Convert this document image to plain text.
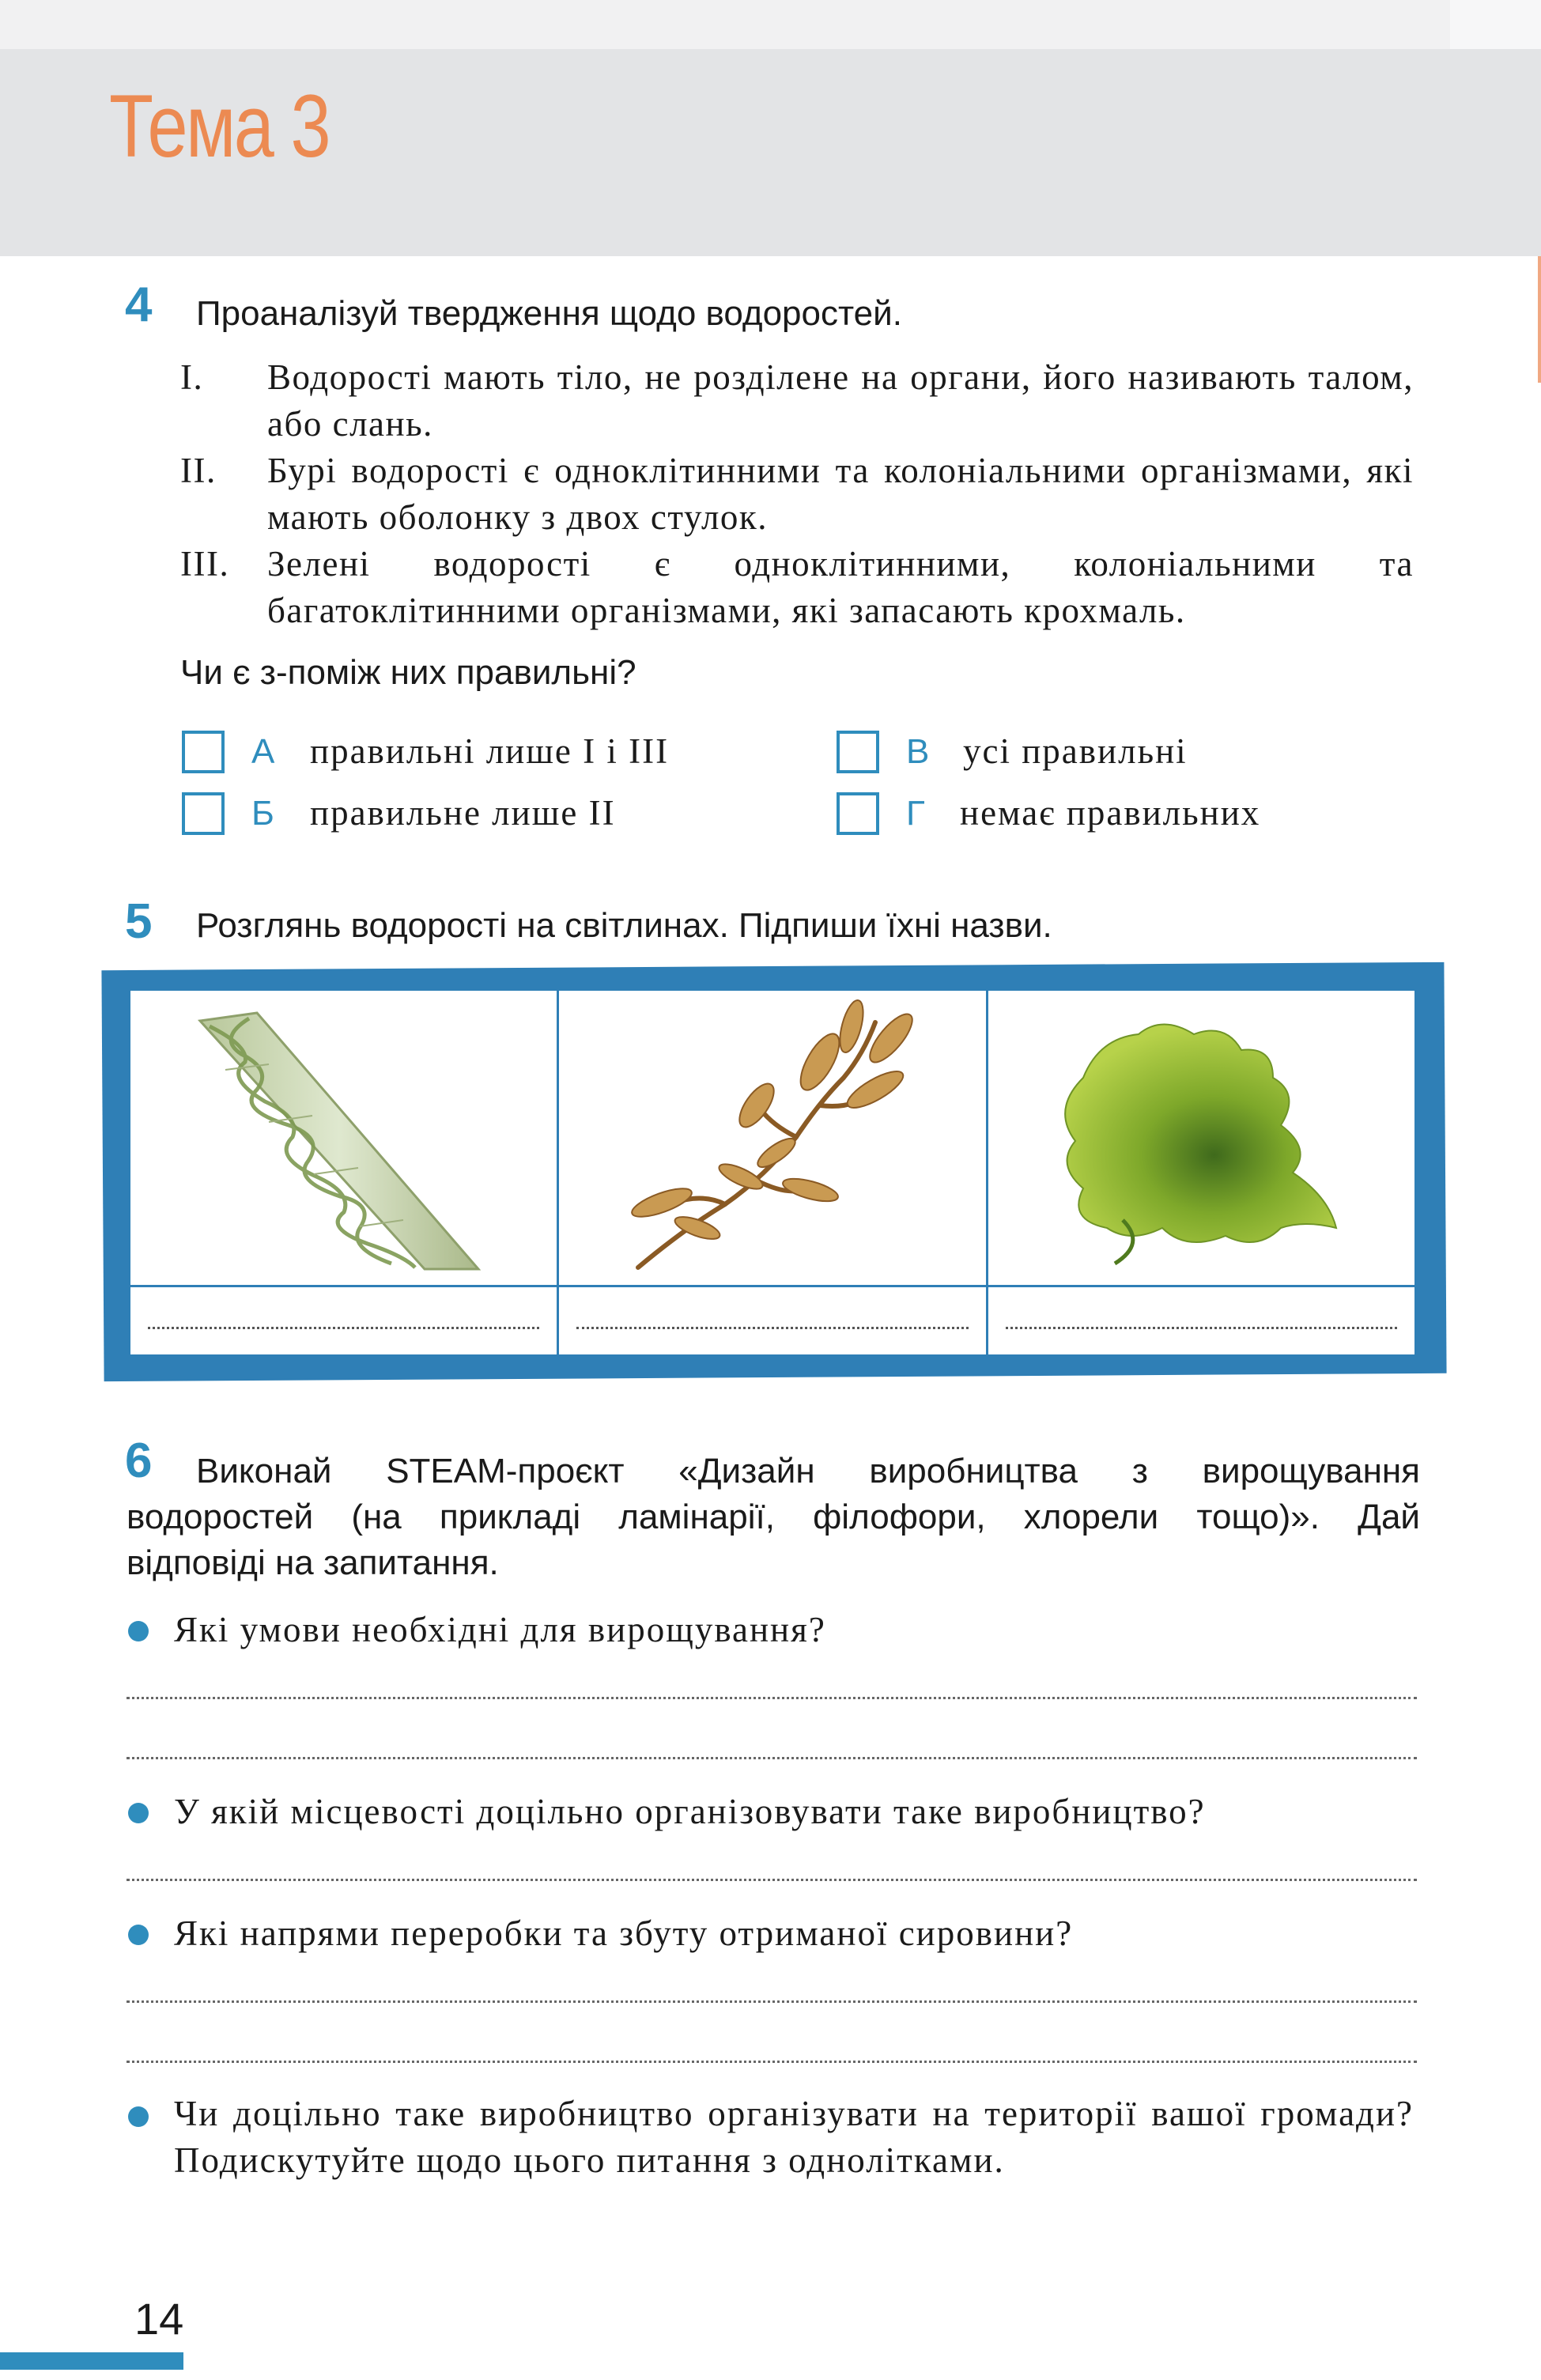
Тема 3
4 Проаналізуй твердження щодо водоростей.
I. Водорості мають тіло, не розділене на органи, його називають талом, або слань.
II. Бурі водорості є одноклітинними та колоніальними організмами, які мають оболонку з двох стулок.
III. Зелені водорості є одноклітинними, колоніальними та багатоклітинними організмами, які запасають крохмаль.
Чи є з-поміж них правильні?
А правильні лише I і III
Б правильне лише II
В усі правильні
Г немає правильних
5 Розглянь водорості на світлинах. Підпиши їхні назви.
6 Виконай STEAM-проєкт «Дизайн виробництва з вирощування
водоростей (на прикладі ламінарії, філофори, хлорели тощо)». Дай
відповіді на запитання.
Які умови необхідні для вирощування?
У якій місцевості доцільно організовувати таке виробництво?
Які напрями переробки та збуту отриманої сировини?
Чи доцільно таке виробництво організувати на території вашої громади? Подискутуйте щодо цього питання з однолітками.
14
